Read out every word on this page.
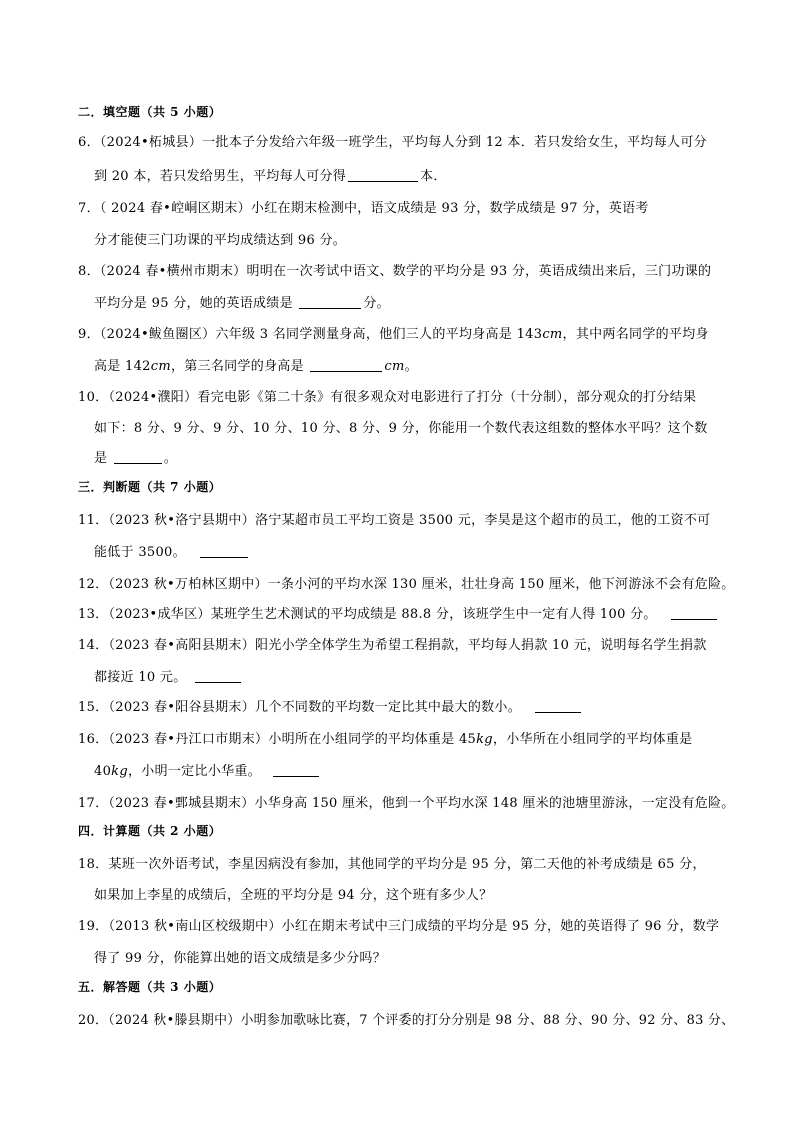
二．填空题（共 5 小题）
6．（2024•柘城县）一批本子分发给六年级一班学生，平均每人分到 12 本．若只发给女生，平均每人可分
到 20 本，若只发给男生，平均每人可分得	本．
7．（ 2024 春•崆峒区期末）小红在期末检测中，语文成绩是 93 分，数学成绩是 97 分，英语考
分才能使三门功课的平均成绩达到 96 分。
8．（2024 春•横州市期末）明明在一次考试中语文、数学的平均分是 93 分，英语成绩出来后，三门功课的
平均分是 95 分，她的英语成绩是	分。
9．（2024•鲅鱼圈区）六年级 3 名同学测量身高，他们三人的平均身高是 143cm，其中两名同学的平均身
高是 142cm，第三名同学的身高是	cm。
10．（2024•濮阳）看完电影《第二十条》有很多观众对电影进行了打分（十分制），部分观众的打分结果
如下：8 分、9 分、9 分、10 分、10 分、8 分、9 分，你能用一个数代表这组数的整体水平吗？这个数
是	。
三．判断题（共 7 小题）
11．（2023 秋•洛宁县期中）洛宁某超市员工平均工资是 3500 元，李昊是这个超市的员工，他的工资不可
能低于 3500。
12．（2023 秋•万柏林区期中）一条小河的平均水深 130 厘米，壮壮身高 150 厘米，他下河游泳不会有危险。
13．（2023•成华区）某班学生艺术测试的平均成绩是 88.8 分，该班学生中一定有人得 100 分。
14．（2023 春•高阳县期末）阳光小学全体学生为希望工程捐款，平均每人捐款 10 元，说明每名学生捐款
都接近 10 元。
15．（2023 春•阳谷县期末）几个不同数的平均数一定比其中最大的数小。
16．（2023 春•丹江口市期末）小明所在小组同学的平均体重是 45kg，小华所在小组同学的平均体重是
40kg，小明一定比小华重。
17．（2023 春•鄄城县期末）小华身高 150 厘米，他到一个平均水深 148 厘米的池塘里游泳，一定没有危险。
四．计算题（共 2 小题）
18．某班一次外语考试，李星因病没有参加，其他同学的平均分是 95 分，第二天他的补考成绩是 65 分，
如果加上李星的成绩后，全班的平均分是 94 分，这个班有多少人？
19．（2013 秋•南山区校级期中）小红在期末考试中三门成绩的平均分是 95 分，她的英语得了 96 分，数学
得了 99 分，你能算出她的语文成绩是多少分吗？
五．解答题（共 3 小题）
20．（2024 秋•滕县期中）小明参加歌咏比赛，7 个评委的打分分别是 98 分、88 分、90 分、92 分、83 分、
